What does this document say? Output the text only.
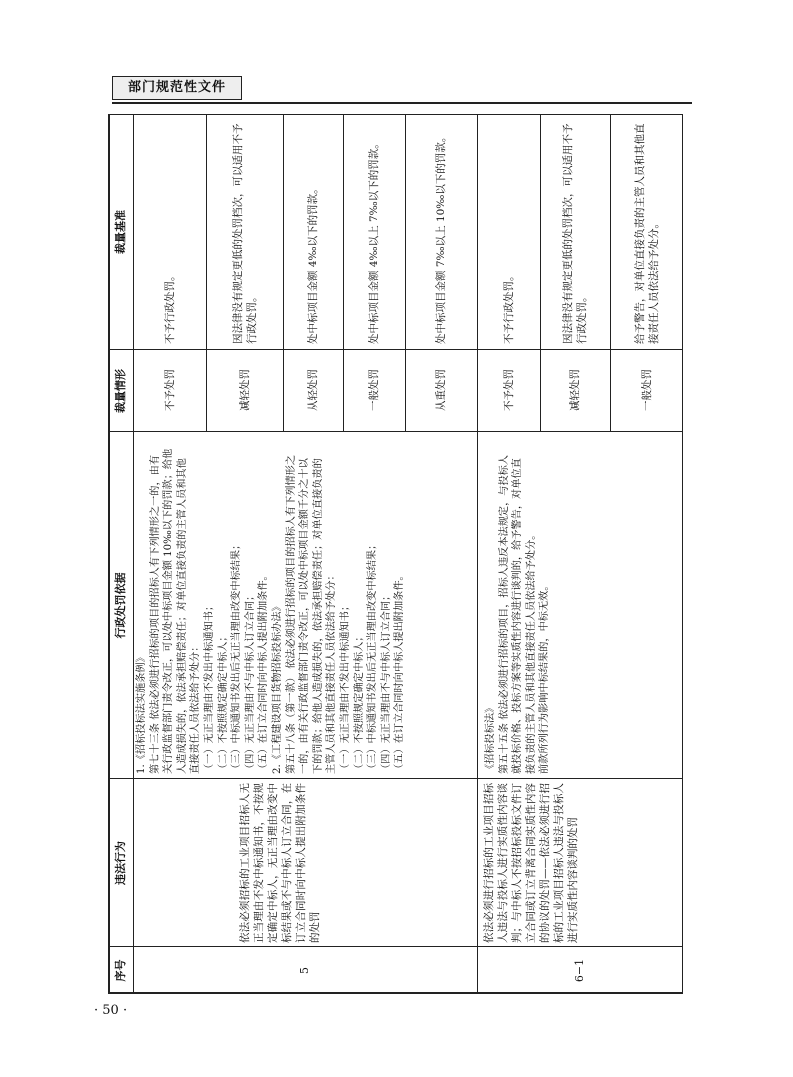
部门规范性文件
· 50 ·
序号
违法行为
行政处罚依据
裁量情形
裁量基准
5

依法必须招标的工业项目招标人无正当理由不发中标通知书，不按规定确定中标人，无正当理由改变中标结果或不与中标人订立合同，在订立合同时向中标人提出附加条件的处罚

1.《招标投标法实施条例》 第七十三条 依法必须进行招标的项目的招标人有下列情形之一的，由有 关行政监督部门责令改正，可以处中标项目金额 10‰以下的罚款；给他 人造成损失的，依法承担赔偿责任；对单位直接负责的主管人员和其他 直接责任人员依法给予处分： （一）无正当理由不发出中标通知书； （二）不按照规定确定中标人； （三）中标通知书发出后无正当理由改变中标结果； （四）无正当理由不与中标人订立合同； （五）在订立合同时向中标人提出附加条件。 2.《工程建设项目货物招标投标办法》 第五十八条（第一款） 依法必须进行招标的项目的招标人有下列情形之 一的，由有关行政监督部门责令改正，可以处中标项目金额千分之十以 下的罚款；给他人造成损失的，依法承担赔偿责任；对单位直接负责的 主管人员和其他直接责任人员依法给予处分： （一）无正当理由不发出中标通知书； （二）不按照规定确定中标人； （三）中标通知书发出后无正当理由改变中标结果； （四）无正当理由不与中标人订立合同； （五）在订立合同时向中标人提出附加条件。

不予处罚
不予行政处罚。
减轻处罚

因法律没有规定更低的处罚档次，可以适用不予行政处罚。

从轻处罚
处中标项目金额 4‰以下的罚款。
一般处罚

处中标项目金额 4‰以上 7‰以下的罚款。

从重处罚

处中标项目金额 7‰以上 10‰以下的罚款。

6−1

依法必须进行招标的工业项目招标人违法与投标人进行实质性内容谈判；与中标人不按招标投标文件订立合同或订立背离合同实质性内容的协议的处罚——依法必须进行招标的工业项目招标人违法与投标人进行实质性内容谈判的处罚

《招标投标法》 第五十五条 依法必须进行招标的项目，招标人违反本法规定，与投标人 就投标价格、投标方案等实质性内容进行谈判的，给予警告，对单位直 接负责的主管人员和其他直接责任人员依法给予处分。 前款所列行为影响中标结果的，中标无效。

不予处罚
不予行政处罚。
减轻处罚

因法律没有规定更低的处罚档次，可以适用不予行政处罚。

一般处罚

给予警告，对单位直接负责的主管人员和其他直接责任人员依法给予处分。
